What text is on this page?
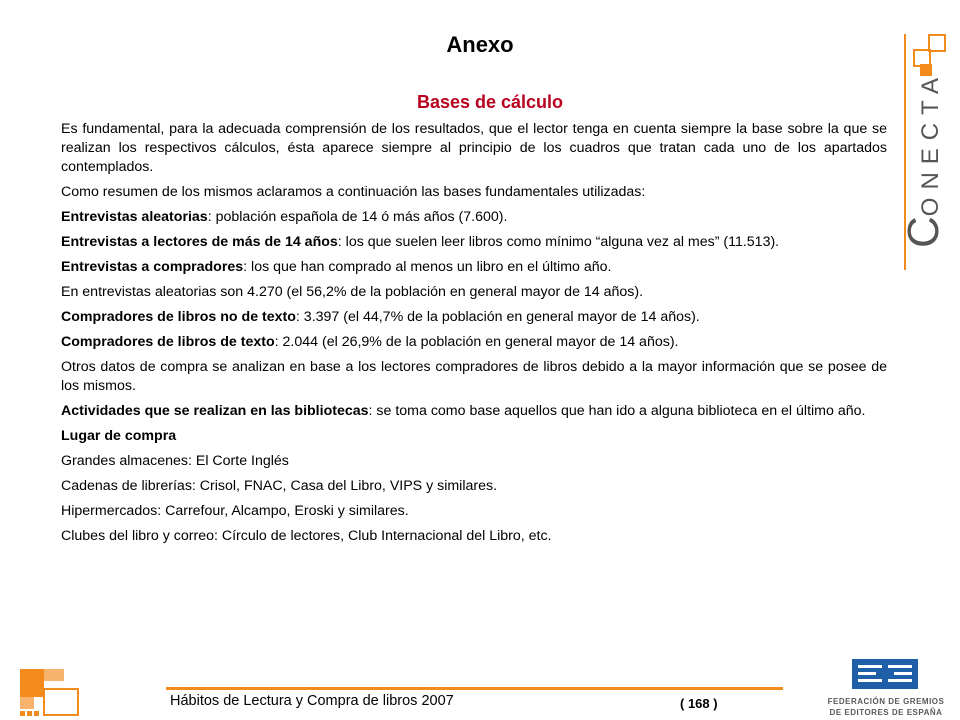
Anexo
Bases de cálculo

Es fundamental, para la adecuada comprensión de los resultados, que el lector tenga en cuenta siempre la base sobre la que se realizan los respectivos cálculos, ésta aparece siempre al principio de los cuadros que tratan cada uno de los apartados contemplados.

Como resumen de los mismos aclaramos a continuación las bases fundamentales utilizadas:

Entrevistas aleatorias: población española de 14 ó más años (7.600).

Entrevistas a lectores de más de 14 años: los que suelen leer libros como mínimo “alguna vez al mes” (11.513).

Entrevistas a compradores: los que han comprado al menos un libro en el último año.

En entrevistas aleatorias son 4.270 (el 56,2% de la población en general mayor de 14 años).

Compradores de libros no de texto: 3.397 (el 44,7% de la población en general mayor de 14 años).

Compradores de libros de texto: 2.044 (el 26,9% de la población en general mayor de 14 años).

Otros datos de compra se analizan en base a los lectores compradores de libros debido a la mayor información que se posee de los mismos.

Actividades que se realizan en las bibliotecas: se toma como base aquellos que han ido a alguna biblioteca en el último año.

Lugar de compra

Grandes almacenes: El Corte Inglés

Cadenas de librerías: Crisol, FNAC, Casa del Libro, VIPS y similares.

Hipermercados: Carrefour, Alcampo, Eroski y similares.

Clubes del libro y correo: Círculo de lectores, Club Internacional del Libro, etc.

CONECTA
Hábitos de Lectura y Compra de libros 2007	( 168 )	FEDERACIÓN DE GREMIOS
DE EDITORES DE ESPAÑA
